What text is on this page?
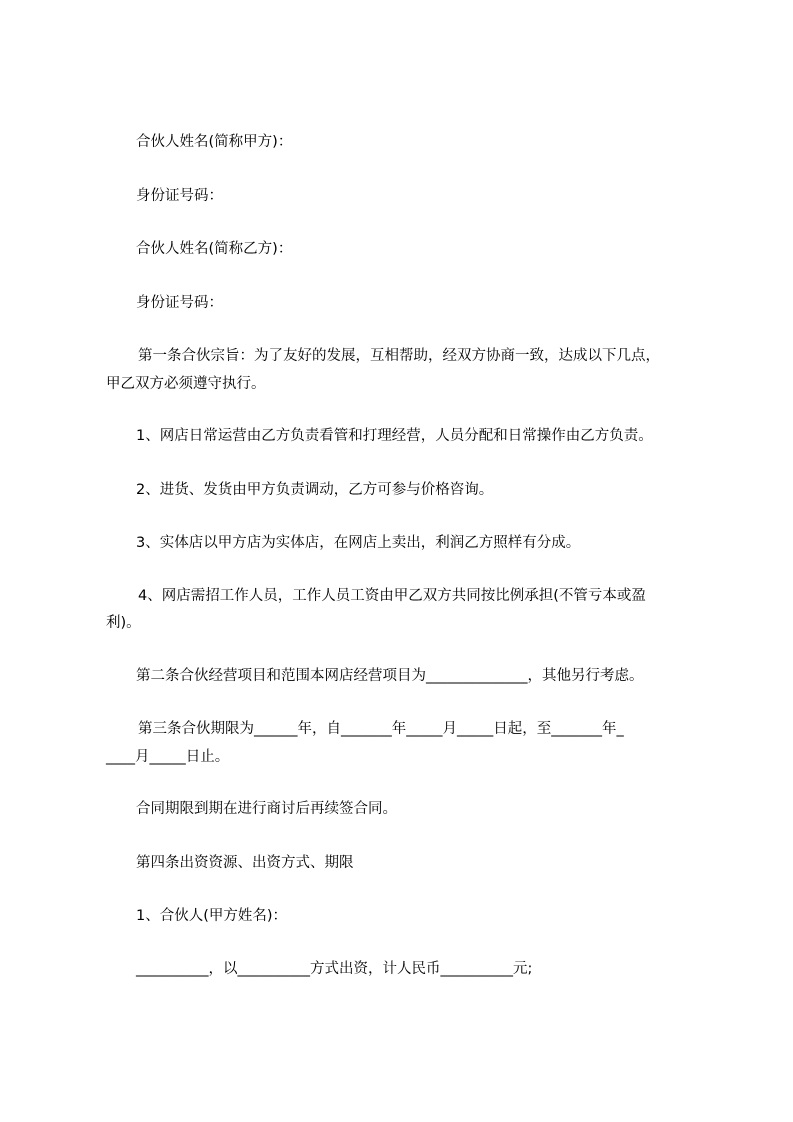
合伙人姓名(简称甲方)：
身份证号码：
合伙人姓名(简称乙方)：
身份证号码：
第一条合伙宗旨：为了友好的发展，互相帮助，经双方协商一致，达成以下几点，
甲乙双方必须遵守执行。
1、网店日常运营由乙方负责看管和打理经营，人员分配和日常操作由乙方负责。
2、进货、发货由甲方负责调动，乙方可参与价格咨询。
3、实体店以甲方店为实体店，在网店上卖出，利润乙方照样有分成。
4、网店需招工作人员，工作人员工资由甲乙双方共同按比例承担(不管亏本或盈
利)。
第二条合伙经营项目和范围本网店经营项目为______________，其他另行考虑。
第三条合伙期限为______年，自_______年_____月_____日起，至_______年_
____月_____日止。
合同期限到期在进行商讨后再续签合同。
第四条出资资源、出资方式、期限
1、合伙人(甲方姓名)：
__________，以__________方式出资，计人民币__________元;
